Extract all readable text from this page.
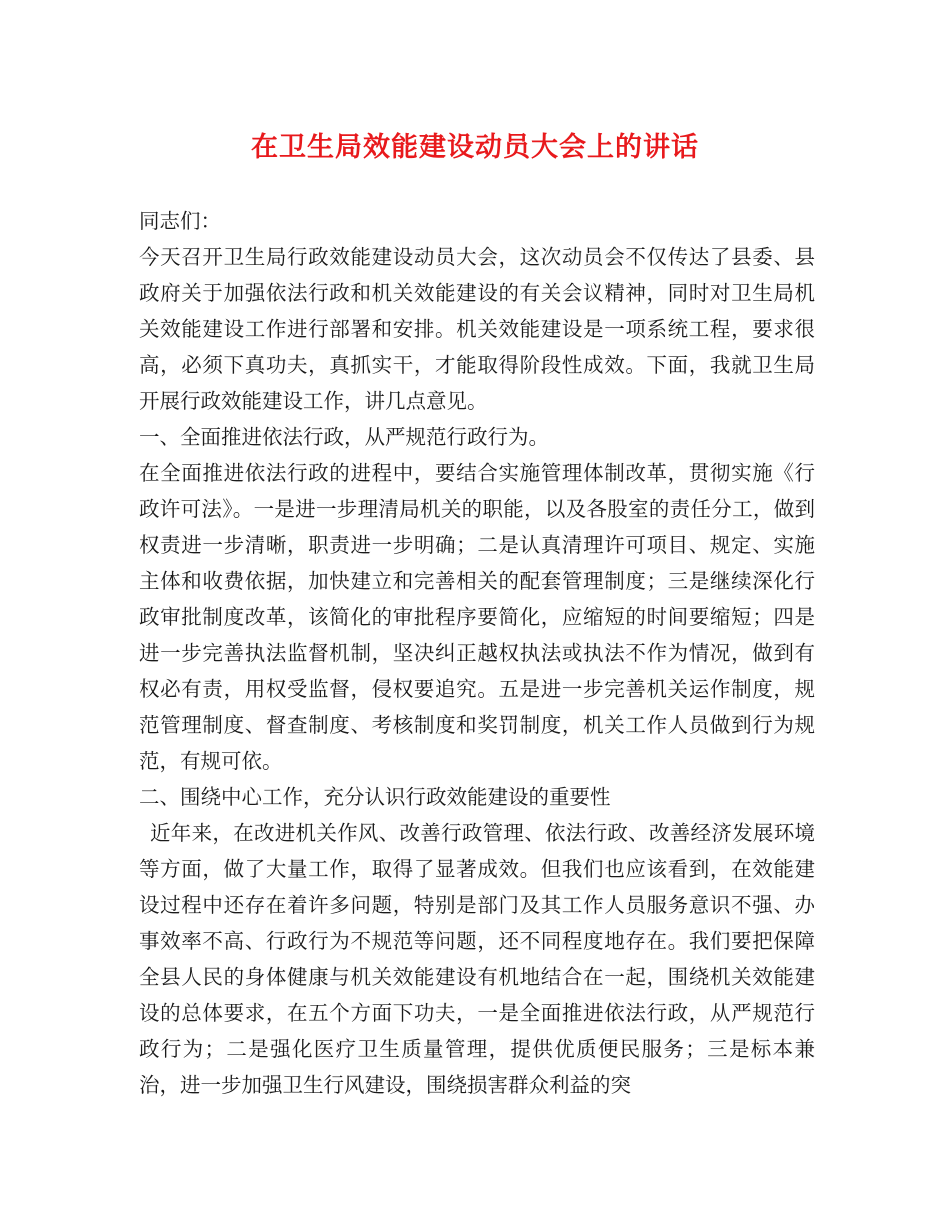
在卫生局效能建设动员大会上的讲话

同志们：

今天召开卫生局行政效能建设动员大会，这次动员会不仅传达了县委、县政府关于加强依法行政和机关效能建设的有关会议精神，同时对卫生局机关效能建设工作进行部署和安排。机关效能建设是一项系统工程，要求很高，必须下真功夫，真抓实干，才能取得阶段性成效。下面，我就卫生局开展行政效能建设工作，讲几点意见。

一、全面推进依法行政，从严规范行政行为。

在全面推进依法行政的进程中，要结合实施管理体制改革，贯彻实施《行政许可法》。一是进一步理清局机关的职能，以及各股室的责任分工，做到权责进一步清晰，职责进一步明确；二是认真清理许可项目、规定、实施主体和收费依据，加快建立和完善相关的配套管理制度；三是继续深化行政审批制度改革，该简化的审批程序要简化，应缩短的时间要缩短；四是进一步完善执法监督机制，坚决纠正越权执法或执法不作为情况，做到有权必有责，用权受监督，侵权要追究。五是进一步完善机关运作制度，规范管理制度、督查制度、考核制度和奖罚制度，机关工作人员做到行为规范，有规可依。

二、围绕中心工作，充分认识行政效能建设的重要性

近年来，在改进机关作风、改善行政管理、依法行政、改善经济发展环境等方面，做了大量工作，取得了显著成效。但我们也应该看到，在效能建设过程中还存在着许多问题，特别是部门及其工作人员服务意识不强、办事效率不高、行政行为不规范等问题，还不同程度地存在。我们要把保障全县人民的身体健康与机关效能建设有机地结合在一起，围绕机关效能建设的总体要求，在五个方面下功夫，一是全面推进依法行政，从严规范行政行为；二是强化医疗卫生质量管理，提供优质便民服务；三是标本兼治，进一步加强卫生行风建设，围绕损害群众利益的突
